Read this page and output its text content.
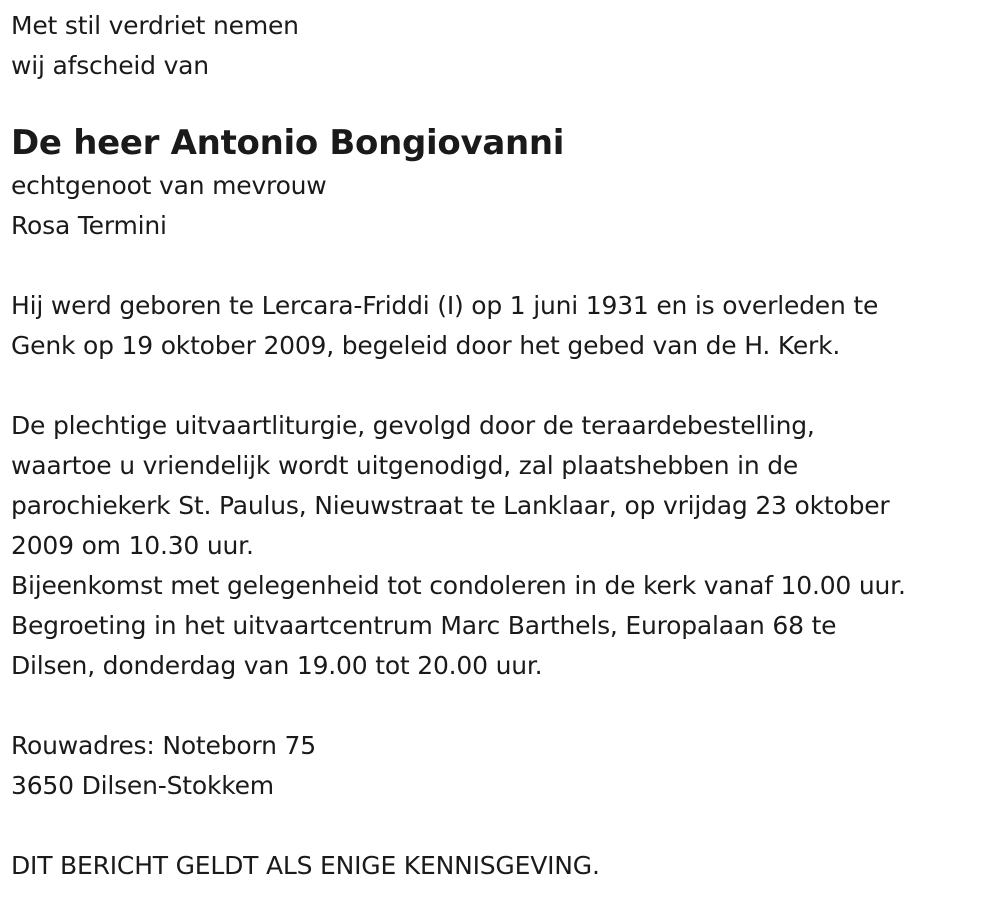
Met stil verdriet nemen
wij afscheid van
De heer Antonio Bongiovanni
echtgenoot van mevrouw
Rosa Termini
Hij werd geboren te Lercara-Friddi (I) op 1 juni 1931 en is overleden te
Genk op 19 oktober 2009, begeleid door het gebed van de H. Kerk.
De plechtige uitvaartliturgie, gevolgd door de teraardebestelling,
waartoe u vriendelijk wordt uitgenodigd, zal plaatshebben in de
parochiekerk St. Paulus, Nieuwstraat te Lanklaar, op vrijdag 23 oktober
2009 om 10.30 uur.
Bijeenkomst met gelegenheid tot condoleren in de kerk vanaf 10.00 uur.
Begroeting in het uitvaartcentrum Marc Barthels, Europalaan 68 te
Dilsen, donderdag van 19.00 tot 20.00 uur.
Rouwadres: Noteborn 75
3650 Dilsen-Stokkem
DIT BERICHT GELDT ALS ENIGE KENNISGEVING.
